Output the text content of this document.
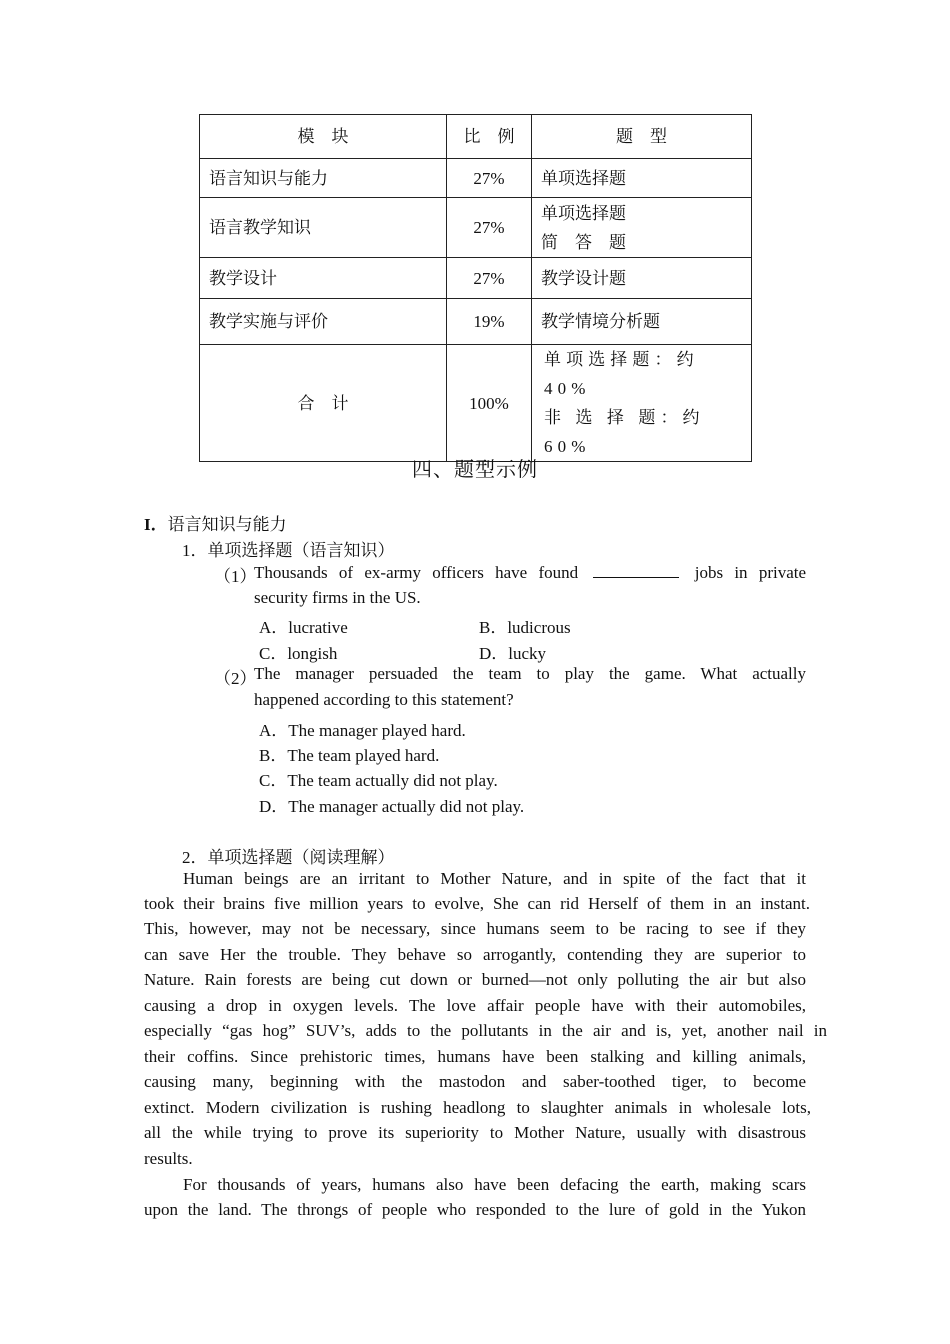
模　块	比　例	题　型
语言知识与能力	27%	单项选择题
语言教学知识	27%	单项选择题
简　答　题

教学设计	27%	教学设计题
教学实施与评价	19%	教学情境分析题
合　计	100%	单项选择题：约 40%
非 选 择 题：约 60%
四、题型示例
I．语言知识与能力
1．单项选择题（语言知识）
（1）
Thousands of ex-army officers have found	jobs in private
security firms in the US.
A．lucrative	B．ludicrous
C．longish	D．lucky
（2）
The manager persuaded the team to play the game. What actually
happened according to this statement?
A．The manager played hard.
B．The team played hard.
C．The team actually did not play.
D．The manager actually did not play.
2．单项选择题（阅读理解）
Human beings are an irritant to Mother Nature, and in spite of the fact that it
took their brains five million years to evolve, She can rid Herself of them in an instant.
This, however, may not be necessary, since humans seem to be racing to see if they
can save Her the trouble. They behave so arrogantly, contending they are superior to
Nature. Rain forests are being cut down or burned—not only polluting the air but also
causing a drop in oxygen levels. The love affair people have with their automobiles,
especially “gas hog” SUV’s, adds to the pollutants in the air and is, yet, another nail in
their coffins. Since prehistoric times, humans have been stalking and killing animals,
causing many, beginning with the mastodon and saber-toothed tiger, to become
extinct. Modern civilization is rushing headlong to slaughter animals in wholesale lots,
all the while trying to prove its superiority to Mother Nature, usually with disastrous
results.
For thousands of years, humans also have been defacing the earth, making scars
upon the land. The throngs of people who responded to the lure of gold in the Yukon
